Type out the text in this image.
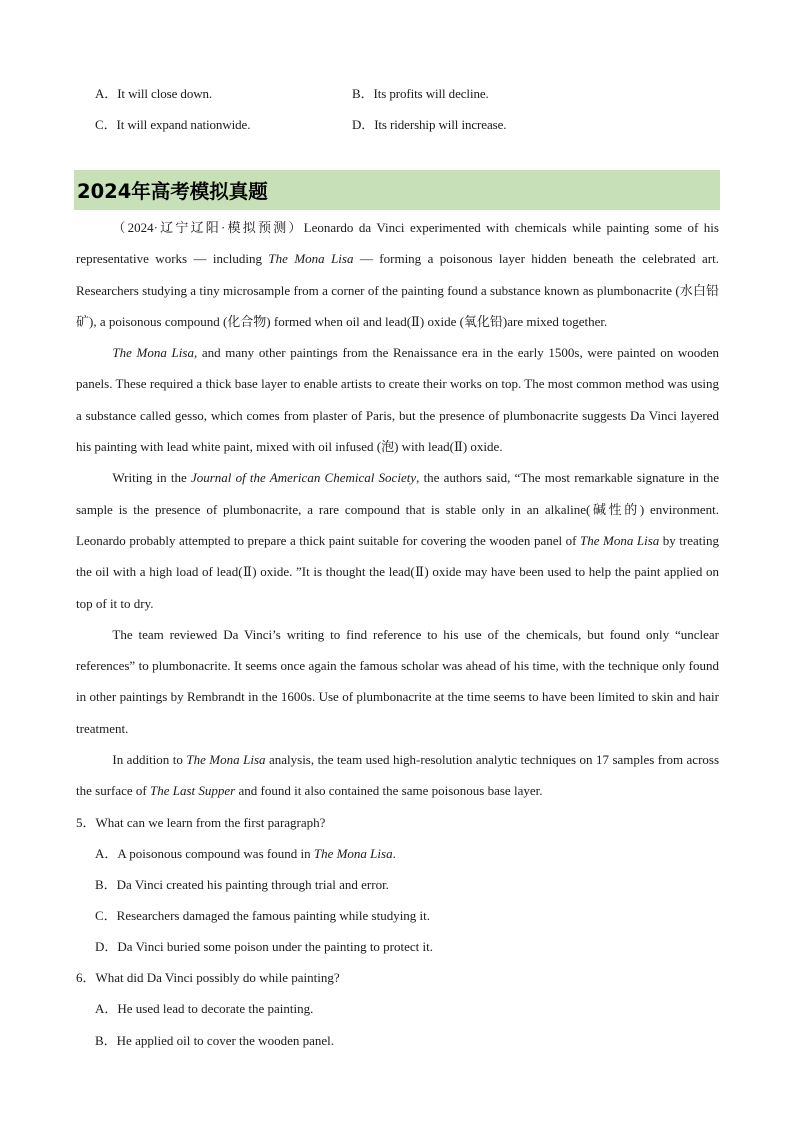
A．It will close down.	B．Its profits will decline.
C．It will expand nationwide.	D．Its ridership will increase.
2024年高考模拟真题

（2024·辽宁辽阳·模拟预测）Leonardo da Vinci experimented with chemicals while painting some of his representative works — including The Mona Lisa — forming a poisonous layer hidden beneath the celebrated art. Researchers studying a tiny microsample from a corner of the painting found a substance known as plumbonacrite (水白铅矿), a poisonous compound (化合物) formed when oil and lead(Ⅱ) oxide (氧化铅)are mixed together.

The Mona Lisa, and many other paintings from the Renaissance era in the early 1500s, were painted on wooden panels. These required a thick base layer to enable artists to create their works on top. The most common method was using a substance called gesso, which comes from plaster of Paris, but the presence of plumbonacrite suggests Da Vinci layered his painting with lead white paint, mixed with oil infused (泡) with lead(Ⅱ) oxide.

Writing in the Journal of the American Chemical Society, the authors said, “The most remarkable signature in the sample is the presence of plumbonacrite, a rare compound that is stable only in an alkaline(碱性的) environment. Leonardo probably attempted to prepare a thick paint suitable for covering the wooden panel of The Mona Lisa by treating the oil with a high load of lead(Ⅱ) oxide. ”It is thought the lead(Ⅱ) oxide may have been used to help the paint applied on top of it to dry.

The team reviewed Da Vinci’s writing to find reference to his use of the chemicals, but found only “unclear references” to plumbonacrite. It seems once again the famous scholar was ahead of his time, with the technique only found in other paintings by Rembrandt in the 1600s. Use of plumbonacrite at the time seems to have been limited to skin and hair treatment.

In addition to The Mona Lisa analysis, the team used high-resolution analytic techniques on 17 samples from across the surface of The Last Supper and found it also contained the same poisonous base layer.

5．What can we learn from the first paragraph?
A．A poisonous compound was found in The Mona Lisa.
B．Da Vinci created his painting through trial and error.
C．Researchers damaged the famous painting while studying it.
D．Da Vinci buried some poison under the painting to protect it.
6．What did Da Vinci possibly do while painting?
A．He used lead to decorate the painting.
B．He applied oil to cover the wooden panel.
